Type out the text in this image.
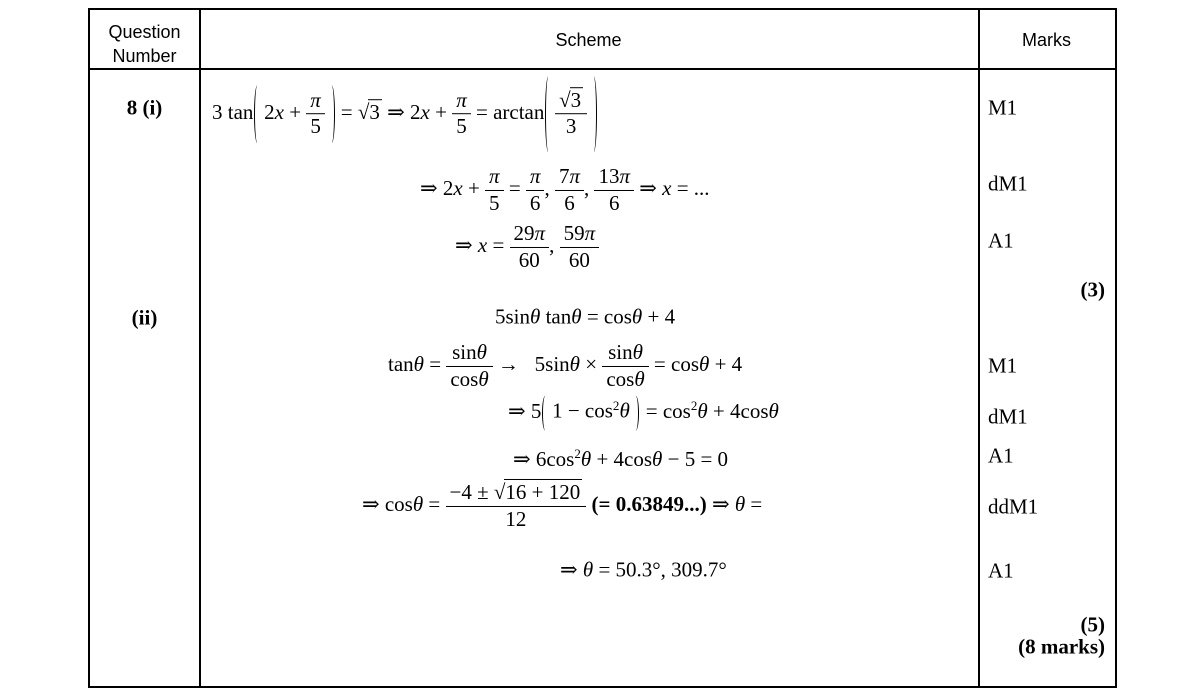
Question Number
Scheme	Marks
8 (i)
(ii)
3 $\tan 2x + \frac{\pi}{5} = √3$ ⇒ $2x + \frac{\pi}{5} = \arctan \frac{√3}{3}$
⇒ $2x + \frac{\pi}{5} = \frac{\pi}{6}$ , $\frac{7\pi}{6}$ , $\frac{13\pi}{6}$ ⇒ x = ...
⇒ $x = \frac{29\pi}{60}$ , $\frac{59\pi}{60}$
5sinθ tanθ = cosθ + 4
$\tan\theta = \frac{\sin\theta}{\cos\theta} \to 5\sin\theta \times \frac{\sin\theta}{\cos\theta} = \cos\theta + 4$
⇒ 5 $1 - \cos^2\theta = \cos^2\theta + 4\cos\theta$
⇒ $6\cos^2\theta + 4\cos\theta - 5 = 0$
⇒ $\cos\theta = \frac{-4 \pm √16 + 120}{12}$ (= 0.63849...) ⇒ θ =
⇒ θ = 50.3°, 309.7°
M1
dM1
A1
(3)
M1
dM1
A1
ddM1
A1
(5)
(8 marks)
